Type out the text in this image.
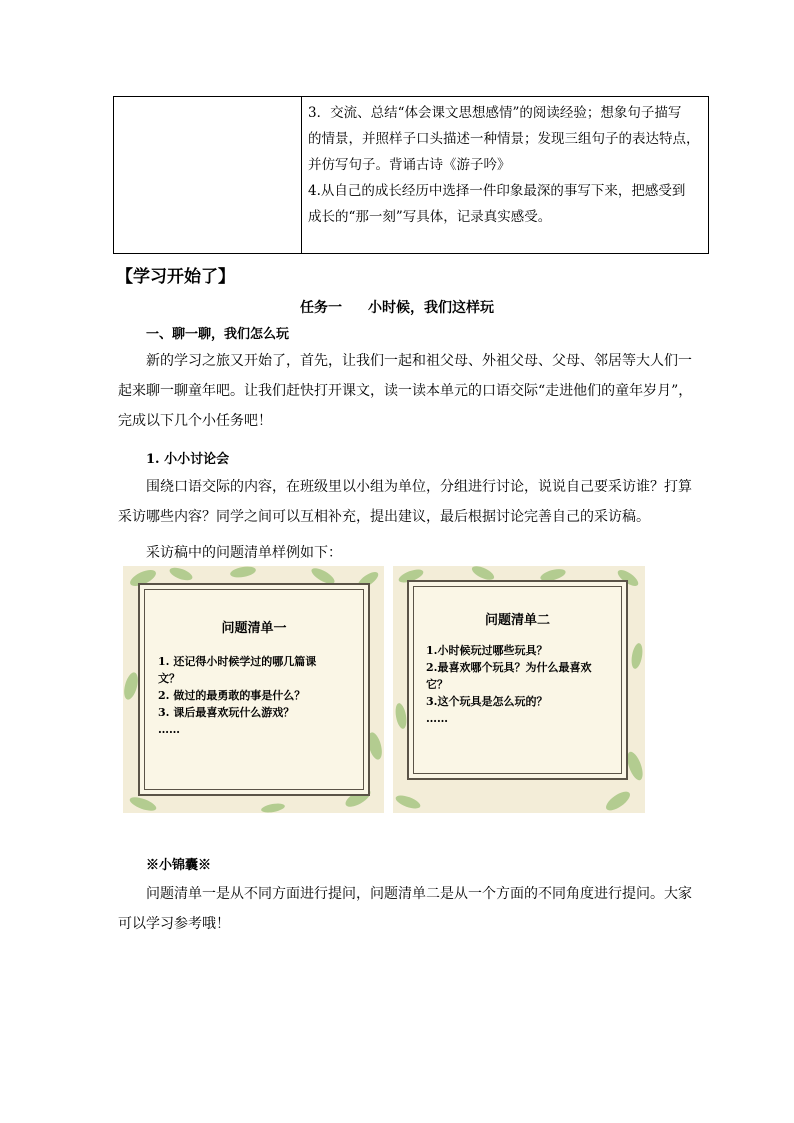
3．交流、总结“体会课文思想感情”的阅读经验；想象句子描写

的情景，并照样子口头描述一种情景；发现三组句子的表达特点，

并仿写句子。背诵古诗《游子吟》

4.从自己的成长经历中选择一件印象最深的事写下来，把感受到

成长的“那一刻”写具体，记录真实感受。

【学习开始了】
任务一 小时候，我们这样玩
一、聊一聊，我们怎么玩

新的学习之旅又开始了，首先，让我们一起和祖父母、外祖父母、父母、邻居等大人们一起来聊一聊童年吧。让我们赶快打开课文，读一读本单元的口语交际“走进他们的童年岁月”，完成以下几个小任务吧！

1. 小小讨论会

围绕口语交际的内容，在班级里以小组为单位，分组进行讨论，说说自己要采访谁？打算采访哪些内容？同学之间可以互相补充，提出建议，最后根据讨论完善自己的采访稿。

采访稿中的问题清单样例如下：
问题清单一
1. 还记得小时候学过的哪几篇课
文？
2. 做过的最勇敢的事是什么？
3. 课后最喜欢玩什么游戏？
……
问题清单二
1.小时候玩过哪些玩具？
2.最喜欢哪个玩具？为什么最喜欢
它？
3.这个玩具是怎么玩的？
……
※小锦囊※

问题清单一是从不同方面进行提问，问题清单二是从一个方面的不同角度进行提问。大家可以学习参考哦！
